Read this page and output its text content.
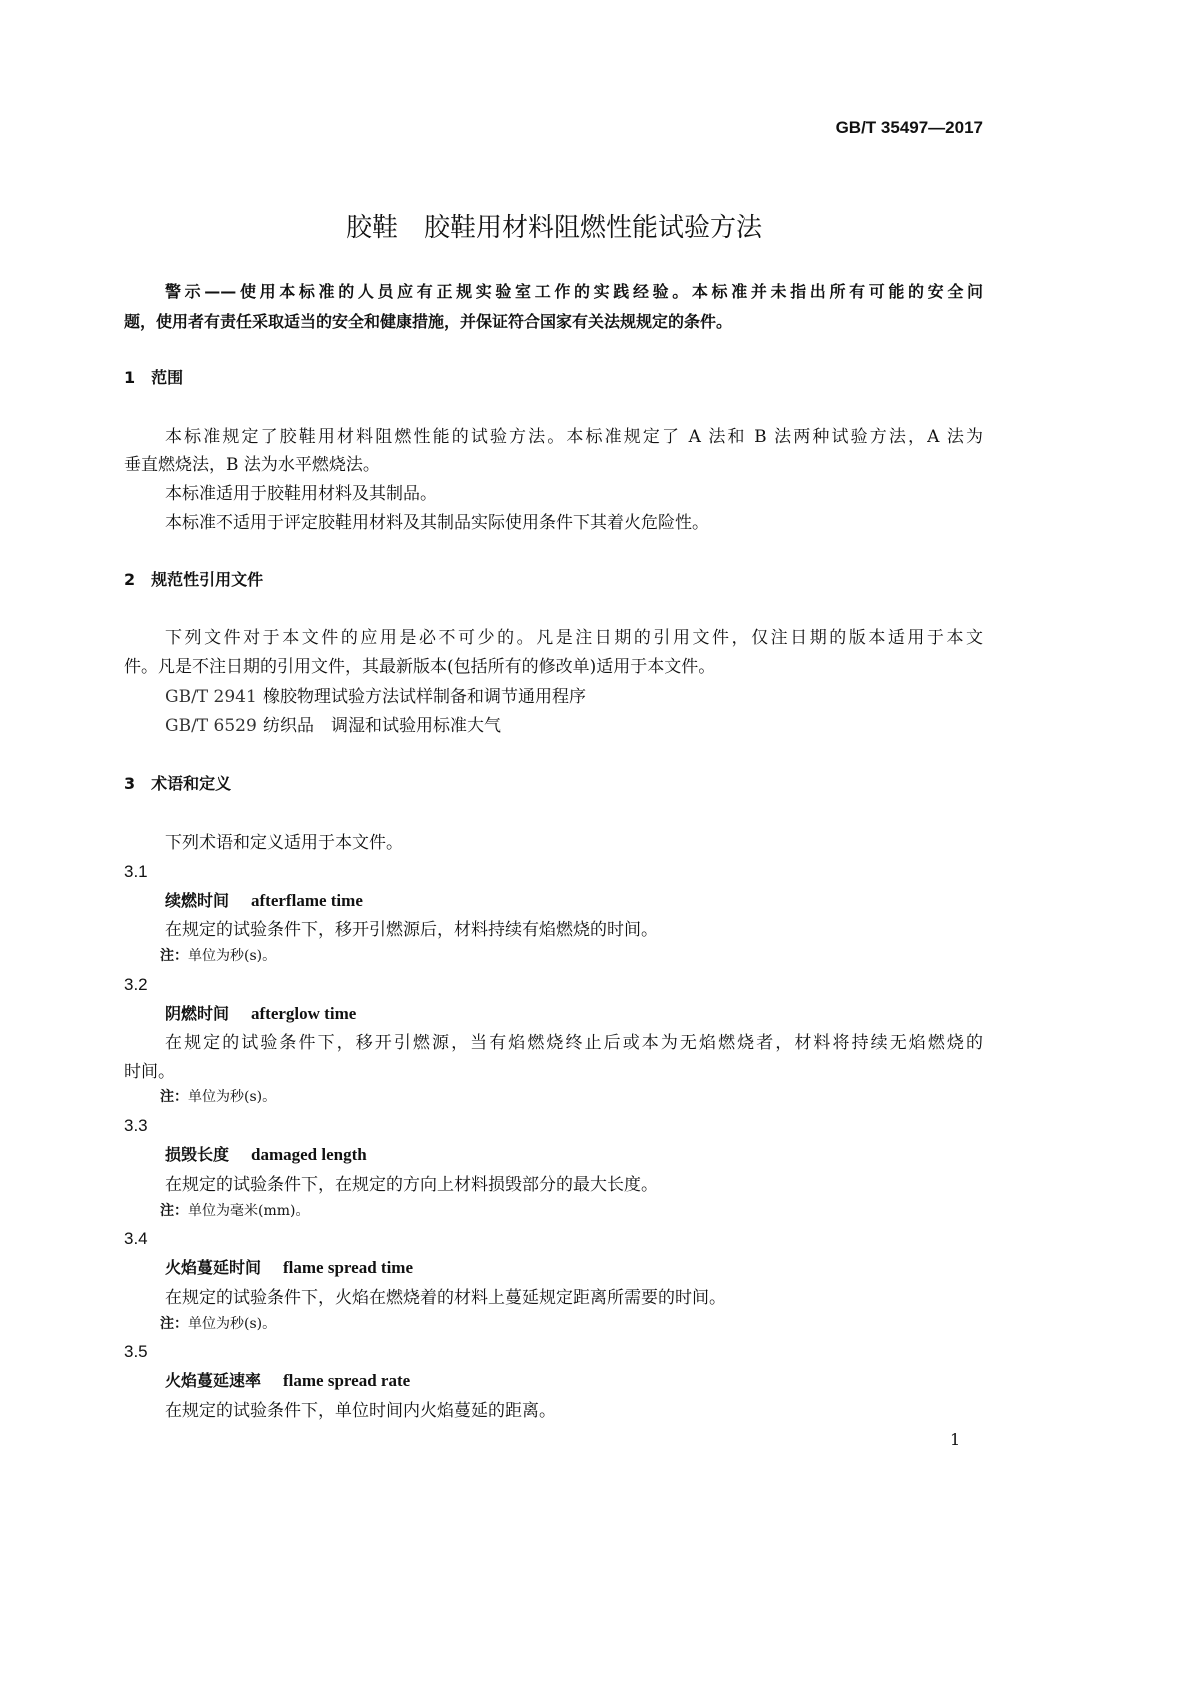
GB/T 35497—2017
胶鞋　胶鞋用材料阻燃性能试验方法
警示——使用本标准的人员应有正规实验室工作的实践经验。本标准并未指出所有可能的安全问
题，使用者有责任采取适当的安全和健康措施，并保证符合国家有关法规规定的条件。
1　范围
本标准规定了胶鞋用材料阻燃性能的试验方法。本标准规定了 A 法和 B 法两种试验方法，A 法为
垂直燃烧法，B 法为水平燃烧法。
本标准适用于胶鞋用材料及其制品。
本标准不适用于评定胶鞋用材料及其制品实际使用条件下其着火危险性。
2　规范性引用文件
下列文件对于本文件的应用是必不可少的。凡是注日期的引用文件，仅注日期的版本适用于本文
件。凡是不注日期的引用文件，其最新版本(包括所有的修改单)适用于本文件。
GB/T 2941 橡胶物理试验方法试样制备和调节通用程序
GB/T 6529 纺织品　调湿和试验用标准大气
3　术语和定义
下列术语和定义适用于本文件。
3.1
续燃时间 afterflame time
在规定的试验条件下，移开引燃源后，材料持续有焰燃烧的时间。
注：单位为秒(s)。
3.2
阴燃时间 afterglow time
在规定的试验条件下，移开引燃源，当有焰燃烧终止后或本为无焰燃烧者，材料将持续无焰燃烧的
时间。
注：单位为秒(s)。
3.3
损毁长度 damaged length
在规定的试验条件下，在规定的方向上材料损毁部分的最大长度。
注：单位为毫米(mm)。
3.4
火焰蔓延时间 flame spread time
在规定的试验条件下，火焰在燃烧着的材料上蔓延规定距离所需要的时间。
注：单位为秒(s)。
3.5
火焰蔓延速率 flame spread rate
在规定的试验条件下，单位时间内火焰蔓延的距离。
1
